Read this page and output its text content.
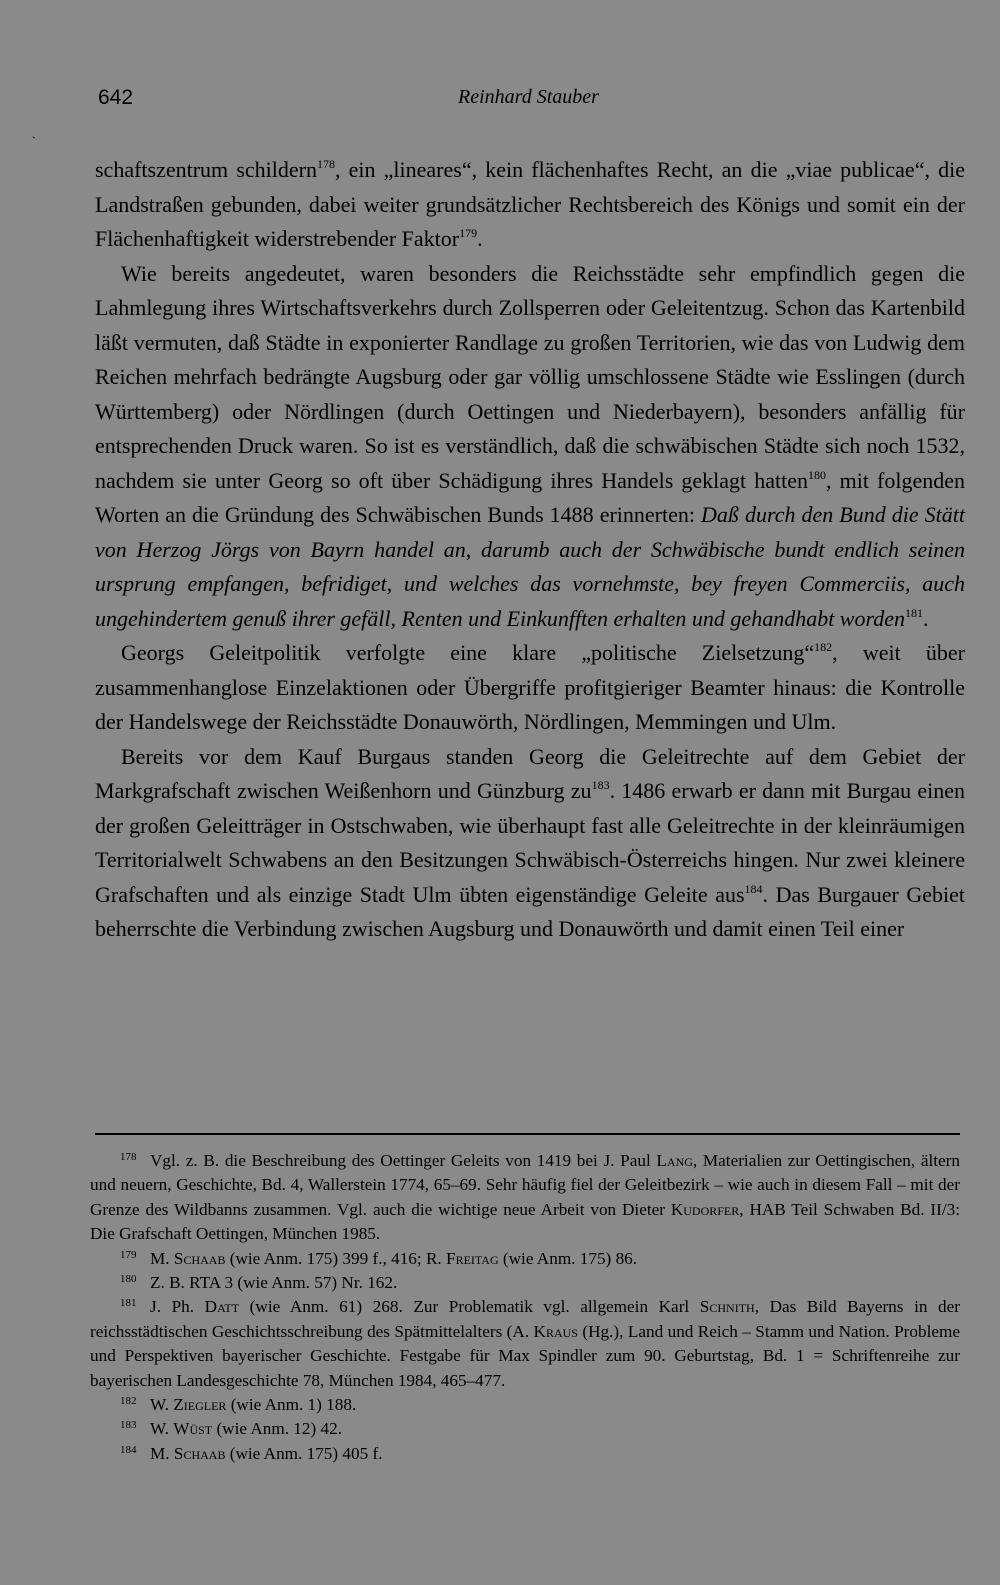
642	Reinhard Stauber
`

schaftszentrum schildern$^{178}$, ein „lineares“, kein flächenhaftes Recht, an die „viae publicae“, die Landstraßen gebunden, dabei weiter grundsätzlicher Rechtsbereich des Königs und somit ein der Flächenhaftigkeit widerstrebender Faktor$^{179}$.

Wie bereits angedeutet, waren besonders die Reichsstädte sehr empfindlich gegen die Lahmlegung ihres Wirtschaftsverkehrs durch Zollsperren oder Geleitentzug. Schon das Kartenbild läßt vermuten, daß Städte in exponierter Randlage zu großen Territorien, wie das von Ludwig dem Reichen mehrfach bedrängte Augsburg oder gar völlig umschlossene Städte wie Esslingen (durch Württemberg) oder Nördlingen (durch Oettingen und Niederbayern), besonders anfällig für entsprechenden Druck waren. So ist es verständlich, daß die schwäbischen Städte sich noch 1532, nachdem sie unter Georg so oft über Schädigung ihres Handels geklagt hatten$^{180}$, mit folgenden Worten an die Gründung des Schwäbischen Bunds 1488 erinnerten: Daß durch den Bund die Stätt von Herzog Jörgs von Bayrn handel an, darumb auch der Schwäbische bundt endlich seinen ursprung empfangen, befridiget, und welches das vornehmste, bey freyen Commerciis, auch ungehindertem genuß ihrer gefäll, Renten und Einkunfften erhalten und gehandhabt worden$^{181}$.

Georgs Geleitpolitik verfolgte eine klare „politische Zielsetzung“$^{182}$, weit über zusammenhanglose Einzelaktionen oder Übergriffe profitgieriger Beamter hinaus: die Kontrolle der Handelswege der Reichsstädte Donauwörth, Nördlingen, Memmingen und Ulm.

Bereits vor dem Kauf Burgaus standen Georg die Geleitrechte auf dem Gebiet der Markgrafschaft zwischen Weißenhorn und Günzburg $zu^{183}$. 1486 erwarb er dann mit Burgau einen der großen Geleitträger in Ostschwaben, wie überhaupt fast alle Geleitrechte in der kleinräumigen Territorialwelt Schwabens an den Besitzungen Schwäbisch-Österreichs hingen. Nur zwei kleinere Grafschaften und als einzige Stadt Ulm übten eigenständige Geleite aus$^{184}$. Das Burgauer Gebiet beherrschte die Verbindung zwischen Augsburg und Donauwörth und damit einen Teil einer

178 Vgl. z. B. die Beschreibung des Oettinger Geleits von 1419 bei J. Paul Lang, Materialien zur Oettingischen, ältern und neuern, Geschichte, Bd. 4, Wallerstein 1774, 65–69. Sehr häufig fiel der Geleitbezirk – wie auch in diesem Fall – mit der Grenze des Wildbanns zusammen. Vgl. auch die wichtige neue Arbeit von Dieter Kudorfer, HAB Teil Schwaben Bd. II/3: Die Grafschaft Oettingen, München 1985.

179 M. Schaab (wie Anm. 175) 399 f., 416; R. Freitag (wie Anm. 175) 86.

180 Z. B. RTA 3 (wie Anm. 57) Nr. 162.

181 J. Ph. Datt (wie Anm. 61) 268. Zur Problematik vgl. allgemein Karl Schnith, Das Bild Bayerns in der reichsstädtischen Geschichtsschreibung des Spätmittelalters (A. Kraus (Hg.), Land und Reich – Stamm und Nation. Probleme und Perspektiven bayerischer Geschichte. Festgabe für Max Spindler zum 90. Geburtstag, Bd. 1 = Schriftenreihe zur bayerischen Landesgeschichte 78, München 1984, 465–477.

182 W. Ziegler (wie Anm. 1) 188.

183 W. Wüst (wie Anm. 12) 42.

184 M. Schaab (wie Anm. 175) 405 f.
